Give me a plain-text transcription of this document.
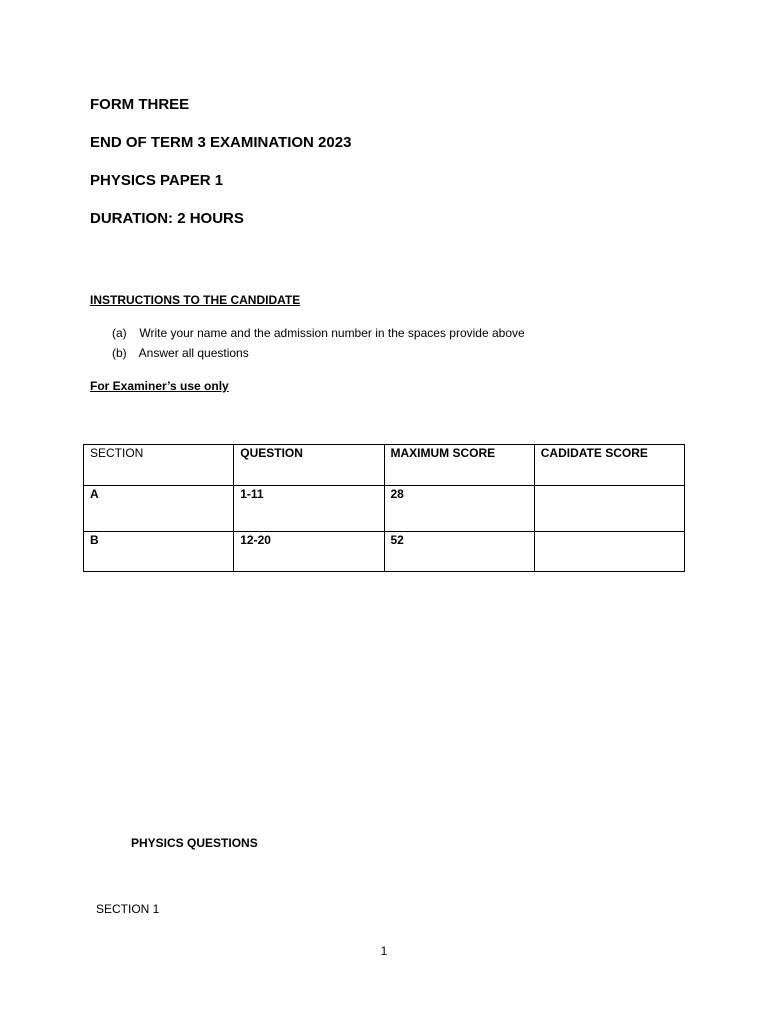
FORM THREE
END OF TERM 3 EXAMINATION 2023
PHYSICS PAPER 1
DURATION: 2 HOURS
INSTRUCTIONS TO THE CANDIDATE
(a) Write your name and the admission number in the spaces provide above
(b) Answer all questions
For Examiner’s use only
SECTION	QUESTION	MAXIMUM SCORE	CADIDATE SCORE
A	1-11	28	
B	12-20	52	
PHYSICS QUESTIONS
SECTION 1
1
